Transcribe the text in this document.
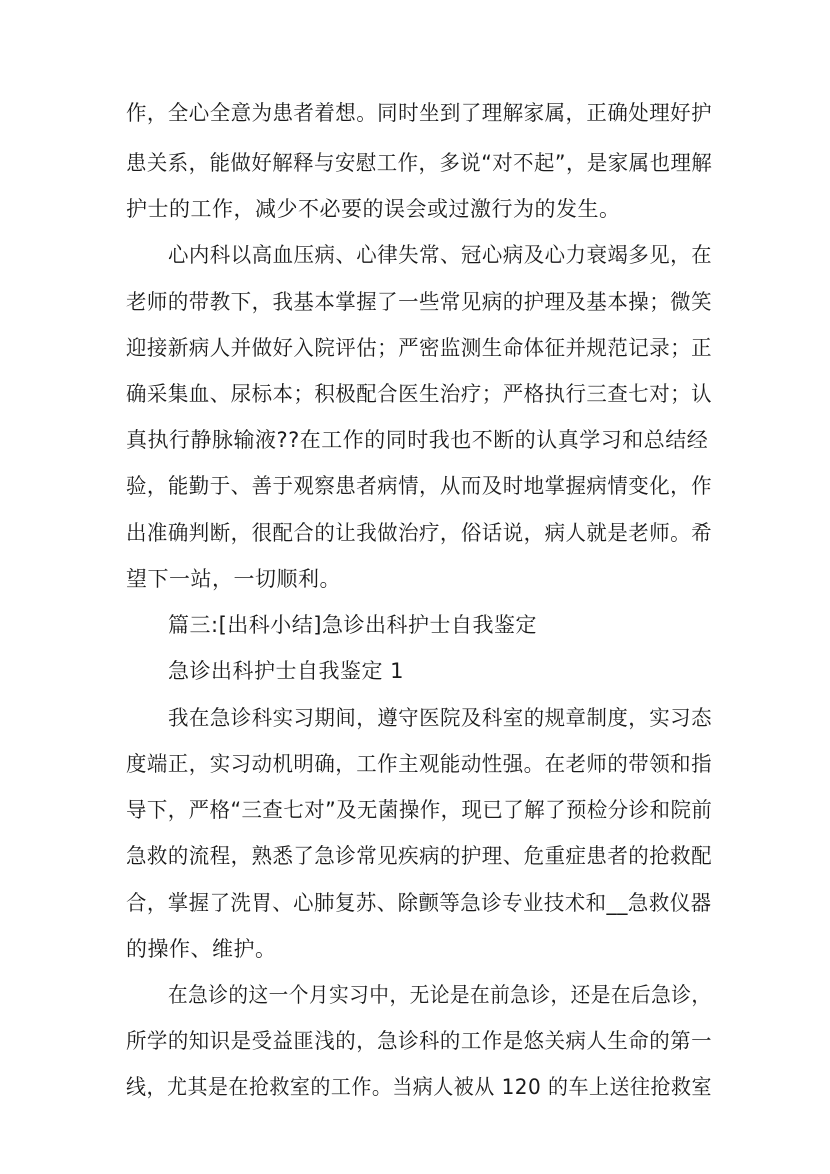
作，全心全意为患者着想。同时坐到了理解家属，正确处理好护
患关系，能做好解释与安慰工作，多说“对不起”，是家属也理解
护士的工作，减少不必要的误会或过激行为的发生。
心内科以高血压病、心律失常、冠心病及心力衰竭多见，在
老师的带教下，我基本掌握了一些常见病的护理及基本操；微笑
迎接新病人并做好入院评估；严密监测生命体征并规范记录；正
确采集血、尿标本；积极配合医生治疗；严格执行三查七对；认
真执行静脉输液??在工作的同时我也不断的认真学习和总结经
验，能勤于、善于观察患者病情，从而及时地掌握病情变化，作
出准确判断，很配合的让我做治疗，俗话说，病人就是老师。希
望下一站，一切顺利。
篇三:[出科小结]急诊出科护士自我鉴定
急诊出科护士自我鉴定 1
我在急诊科实习期间，遵守医院及科室的规章制度，实习态
度端正，实习动机明确，工作主观能动性强。在老师的带领和指
导下，严格“三查七对”及无菌操作，现已了解了预检分诊和院前
急救的流程，熟悉了急诊常见疾病的护理、危重症患者的抢救配
合，掌握了洗胃、心肺复苏、除颤等急诊专业技术和__急救仪器
的操作、维护。
在急诊的这一个月实习中，无论是在前急诊，还是在后急诊，
所学的知识是受益匪浅的，急诊科的工作是悠关病人生命的第一
线，尤其是在抢救室的工作。当病人被从 120 的车上送往抢救室
